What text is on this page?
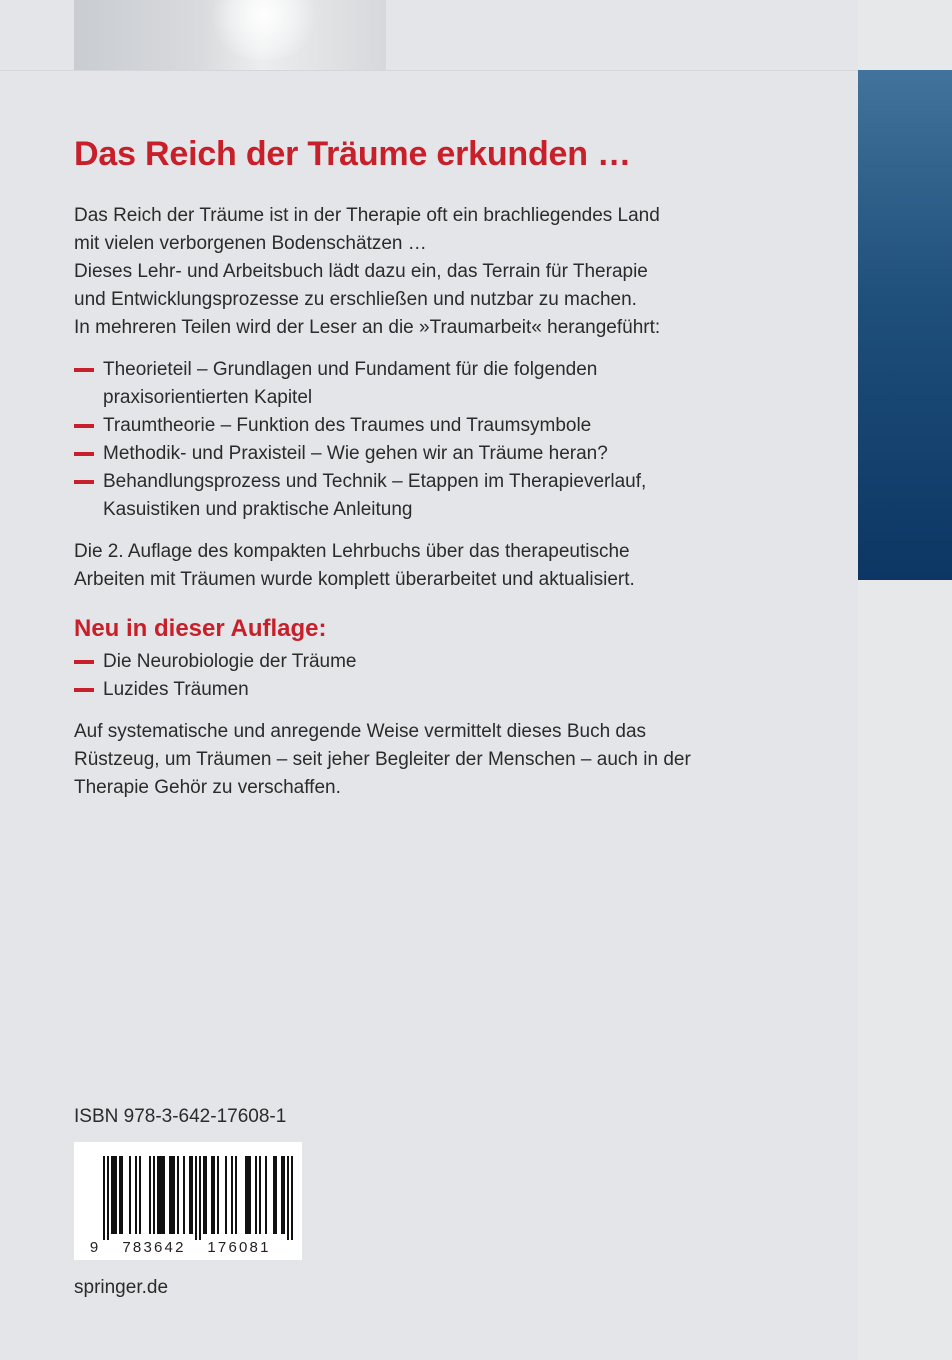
Das Reich der Träume erkunden …

Das Reich der Träume ist in der Therapie oft ein brachliegendes Land
mit vielen verborgenen Bodenschätzen …
Dieses Lehr- und Arbeitsbuch lädt dazu ein, das Terrain für Therapie
und Entwicklungsprozesse zu erschließen und nutzbar zu machen.
In mehreren Teilen wird der Leser an die »Traumarbeit« herangeführt:

Theorieteil – Grundlagen und Fundament für die folgenden
praxisorientierten Kapitel
Traumtheorie – Funktion des Traumes und Traumsymbole
Methodik- und Praxisteil – Wie gehen wir an Träume heran?
Behandlungsprozess und Technik – Etappen im Therapieverlauf,
Kasuistiken und praktische Anleitung

Die 2. Auflage des kompakten Lehrbuchs über das therapeutische
Arbeiten mit Träumen wurde komplett überarbeitet und aktualisiert.

Neu in dieser Auflage:
Die Neurobiologie der Träume
Luzides Träumen

Auf systematische und anregende Weise vermittelt dieses Buch das
Rüstzeug, um Träumen – seit jeher Begleiter der Menschen – auch in der
Therapie Gehör zu verschaffen.

ISBN 978-3-642-17608-1
9 783642 176081
springer.de
